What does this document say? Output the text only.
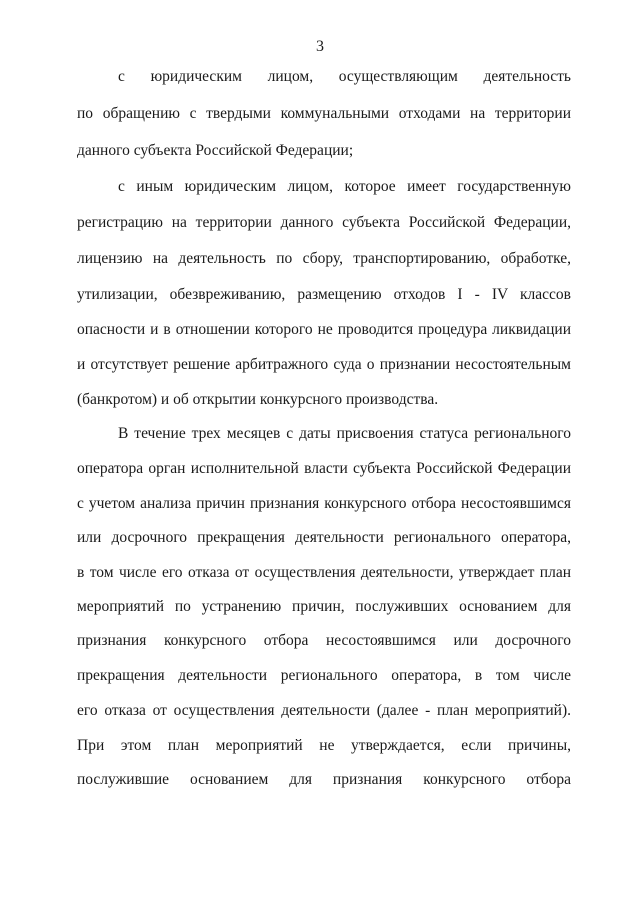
3
с юридическим лицом, осуществляющим деятельность
по обращению с твердыми коммунальными отходами на территории
данного субъекта Российской Федерации;
с иным юридическим лицом, которое имеет государственную
регистрацию на территории данного субъекта Российской Федерации,
лицензию на деятельность по сбору, транспортированию, обработке,
утилизации, обезвреживанию, размещению отходов I - IV классов
опасности и в отношении которого не проводится процедура ликвидации
и отсутствует решение арбитражного суда о признании несостоятельным
(банкротом) и об открытии конкурсного производства.
В течение трех месяцев с даты присвоения статуса регионального
оператора орган исполнительной власти субъекта Российской Федерации
с учетом анализа причин признания конкурсного отбора несостоявшимся
или досрочного прекращения деятельности регионального оператора,
в том числе его отказа от осуществления деятельности, утверждает план
мероприятий по устранению причин, послуживших основанием для
признания конкурсного отбора несостоявшимся или досрочного
прекращения деятельности регионального оператора, в том числе
его отказа от осуществления деятельности (далее - план мероприятий).
При этом план мероприятий не утверждается, если причины,
послужившие основанием для признания конкурсного отбора
